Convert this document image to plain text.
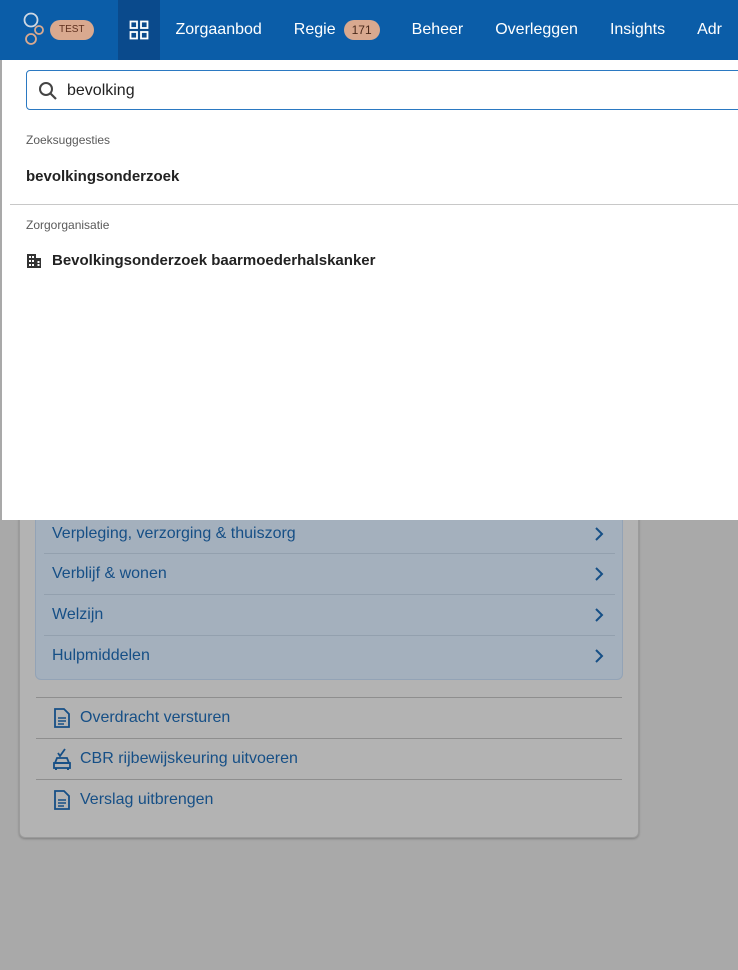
TEST	Zorgaanbod Regie	171	Beheer Overleggen Insights Adr
Verpleging, verzorging & thuiszorg
Verblijf & wonen
Welzijn
Hulpmiddelen
Overdracht versturen
CBR rijbewijskeuring uitvoeren
Verslag uitbrengen
bevolking
Zoeksuggesties
bevolkingsonderzoek
Zorgorganisatie
Bevolkingsonderzoek baarmoederhalskanker
